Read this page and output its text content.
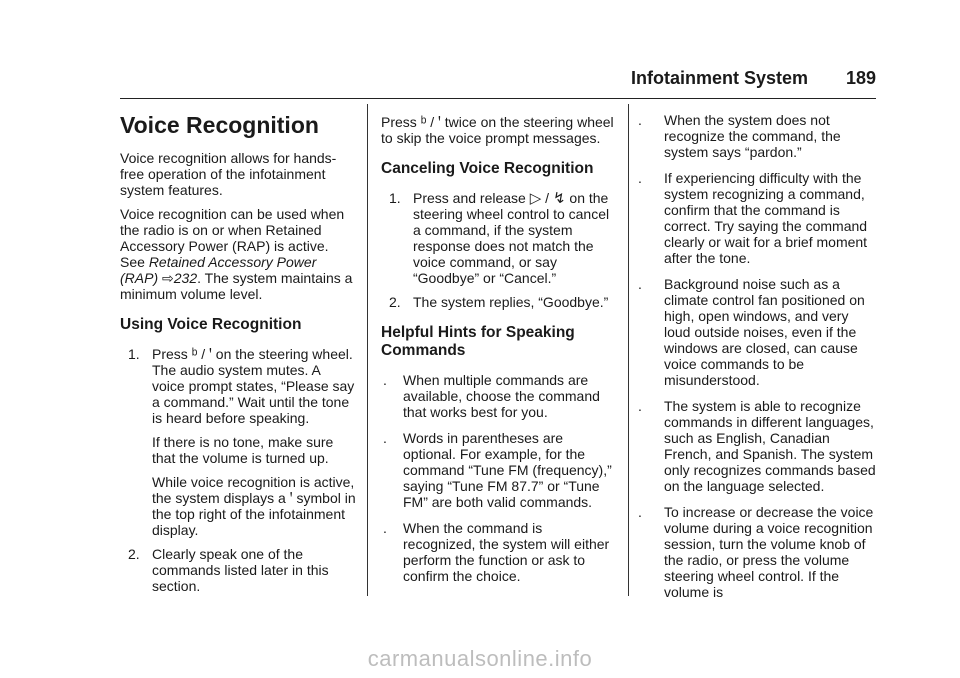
Infotainment System 189
Voice Recognition

Voice recognition allows for hands-free operation of the infotainment system features.

Voice recognition can be used when the radio is on or when Retained Accessory Power (RAP) is active. See Retained Accessory Power (RAP) ⇨232. The system maintains a minimum volume level.

Using Voice Recognition
1. Press ᵇ / ꞌ on the steering wheel. The audio system mutes. A voice prompt states, “Please say a command.” Wait until the tone is heard before speaking.

If there is no tone, make sure that the volume is turned up.

While voice recognition is active, the system displays a ꞌ symbol in the top right of the infotainment display.

2. Clearly speak one of the commands listed later in this section.

Press ᵇ / ꞌ twice on the steering wheel to skip the voice prompt messages.

Canceling Voice Recognition
1. Press and release ▷ / ↯ on the steering wheel control to cancel a command, if the system response does not match the voice command, or say “Goodbye” or “Cancel.”
2. The system replies, “Goodbye.”
Helpful Hints for Speaking Commands
. When multiple commands are available, choose the command that works best for you.
. Words in parentheses are optional. For example, for the command “Tune FM (frequency),” saying “Tune FM 87.7” or “Tune FM” are both valid commands.
. When the command is recognized, the system will either perform the function or ask to confirm the choice.
. When the system does not recognize the command, the system says “pardon.”
. If experiencing difficulty with the system recognizing a command, confirm that the command is correct. Try saying the command clearly or wait for a brief moment after the tone.
. Background noise such as a climate control fan positioned on high, open windows, and very loud outside noises, even if the windows are closed, can cause voice commands to be misunderstood.
. The system is able to recognize commands in different languages, such as English, Canadian French, and Spanish. The system only recognizes commands based on the language selected.
. To increase or decrease the voice volume during a voice recognition session, turn the volume knob of the radio, or press the volume steering wheel control. If the volume is
carmanualsonline.info
